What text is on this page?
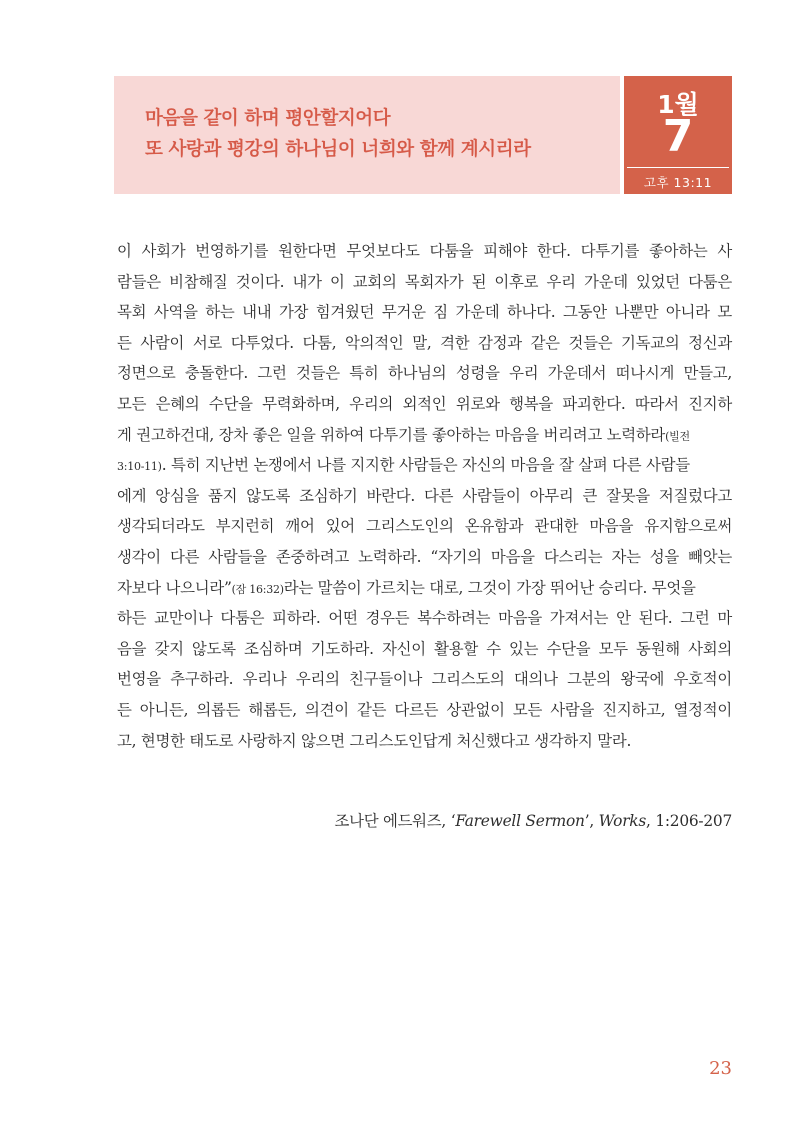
마음을 같이 하며 평안할지어다
또 사랑과 평강의 하나님이 너희와 함께 계시리라
1월
7
고후 13:11
이 사회가 번영하기를 원한다면 무엇보다도 다툼을 피해야 한다. 다투기를 좋아하는 사
람들은 비참해질 것이다. 내가 이 교회의 목회자가 된 이후로 우리 가운데 있었던 다툼은
목회 사역을 하는 내내 가장 힘겨웠던 무거운 짐 가운데 하나다. 그동안 나뿐만 아니라 모
든 사람이 서로 다투었다. 다툼, 악의적인 말, 격한 감정과 같은 것들은 기독교의 정신과
정면으로 충돌한다. 그런 것들은 특히 하나님의 성령을 우리 가운데서 떠나시게 만들고,
모든 은혜의 수단을 무력화하며, 우리의 외적인 위로와 행복을 파괴한다. 따라서 진지하
게 권고하건대, 장차 좋은 일을 위하여 다투기를 좋아하는 마음을 버리려고 노력하라(빌전
3:10-11). 특히 지난번 논쟁에서 나를 지지한 사람들은 자신의 마음을 잘 살펴 다른 사람들
에게 앙심을 품지 않도록 조심하기 바란다. 다른 사람들이 아무리 큰 잘못을 저질렀다고
생각되더라도 부지런히 깨어 있어 그리스도인의 온유함과 관대한 마음을 유지함으로써
생각이 다른 사람들을 존중하려고 노력하라. “자기의 마음을 다스리는 자는 성을 빼앗는
자보다 나으니라”(잠 16:32)라는 말씀이 가르치는 대로, 그것이 가장 뛰어난 승리다. 무엇을
하든 교만이나 다툼은 피하라. 어떤 경우든 복수하려는 마음을 가져서는 안 된다. 그런 마
음을 갖지 않도록 조심하며 기도하라. 자신이 활용할 수 있는 수단을 모두 동원해 사회의
번영을 추구하라. 우리나 우리의 친구들이나 그리스도의 대의나 그분의 왕국에 우호적이
든 아니든, 의롭든 해롭든, 의견이 같든 다르든 상관없이 모든 사람을 진지하고, 열정적이
고, 현명한 태도로 사랑하지 않으면 그리스도인답게 처신했다고 생각하지 말라.
조나단 에드워즈, ‘Farewell Sermon’, Works, 1:206-207
23
